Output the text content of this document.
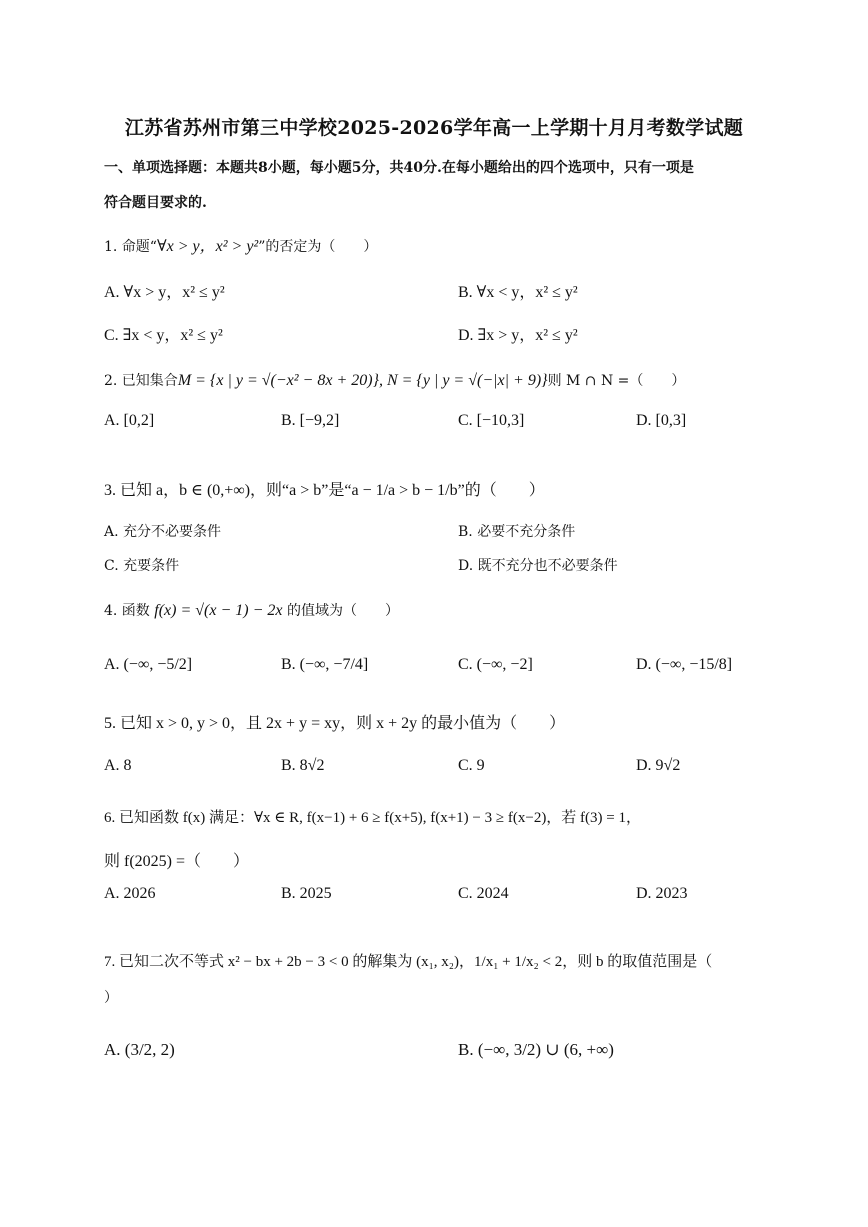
江苏省苏州市第三中学校2025-2026学年高一上学期十月月考数学试题
一、单项选择题：本题共8小题，每小题5分，共40分.在每小题给出的四个选项中，只有一项是
符合题目要求的.
1. 命题“∀x > y，x² > y²”的否定为（　　）
A. ∀x > y，x² ≤ y²	B. ∀x < y，x² ≤ y²
C. ∃x < y，x² ≤ y²	D. ∃x > y，x² ≤ y²
2. 已知集合M = {x | y = √(−x² − 8x + 20)}, N = {y | y = √(−|x| + 9)}则 M ∩ N =（　　）
A. [0,2]	B. [−9,2]	C. [−10,3]	D. [0,3]
3. 已知 a，b ∈ (0,+∞)，则“a > b”是“a − 1/a > b − 1/b”的（　　）
A. 充分不必要条件	B. 必要不充分条件
C. 充要条件	D. 既不充分也不必要条件
4. 函数 f(x) = √(x − 1) − 2x 的值域为（　　）
A. (−∞, −5/2]	B. (−∞, −7/4]	C. (−∞, −2]	D. (−∞, −15/8]
5. 已知 x > 0, y > 0，且 2x + y = xy，则 x + 2y 的最小值为（　　）
A. 8	B. 8√2	C. 9	D. 9√2
6. 已知函数 f(x) 满足：∀x ∈ R, f(x−1) + 6 ≥ f(x+5), f(x+1) − 3 ≥ f(x−2)，若 f(3) = 1，
则 f(2025) =（　　）
A. 2026	B. 2025	C. 2024	D. 2023
7. 已知二次不等式 x² − bx + 2b − 3 < 0 的解集为 (x₁, x₂)，1/x₁ + 1/x₂ < 2，则 b 的取值范围是（
）
A. (3/2, 2)	B. (−∞, 3/2) ∪ (6, +∞)
